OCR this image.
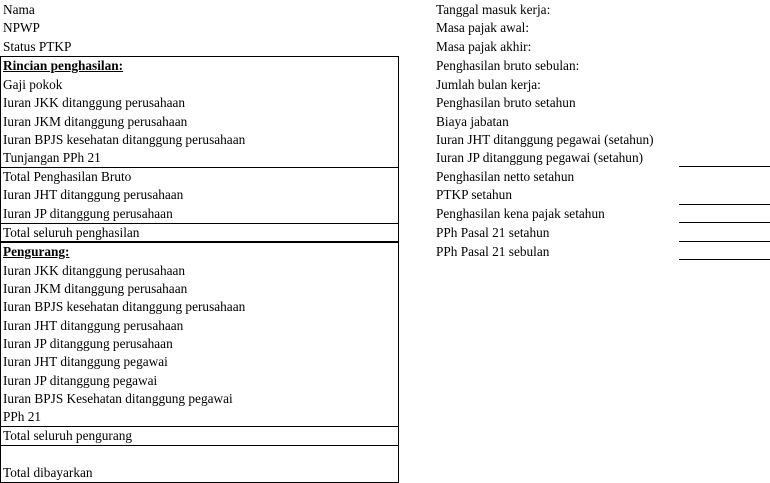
Nama
NPWP
Status PTKP
Rincian penghasilan:
Gaji pokok
Iuran JKK ditanggung perusahaan
Iuran JKM ditanggung perusahaan
Iuran BPJS kesehatan ditanggung perusahaan
Tunjangan PPh 21
Total Penghasilan Bruto
Iuran JHT ditanggung perusahaan
Iuran JP ditanggung perusahaan
Total seluruh penghasilan
Pengurang:
Iuran JKK ditanggung perusahaan
Iuran JKM ditanggung perusahaan
Iuran BPJS kesehatan ditanggung perusahaan
Iuran JHT ditanggung perusahaan
Iuran JP ditanggung perusahaan
Iuran JHT ditanggung pegawai
Iuran JP ditanggung pegawai
Iuran BPJS Kesehatan ditanggung pegawai
PPh 21
Total seluruh pengurang
Total dibayarkan
Tanggal masuk kerja:
Masa pajak awal:
Masa pajak akhir:
Penghasilan bruto sebulan:
Jumlah bulan kerja:
Penghasilan bruto setahun
Biaya jabatan
Iuran JHT ditanggung pegawai (setahun)
Iuran JP ditanggung pegawai (setahun)
Penghasilan netto setahun
PTKP setahun
Penghasilan kena pajak setahun
PPh Pasal 21 setahun
PPh Pasal 21 sebulan
